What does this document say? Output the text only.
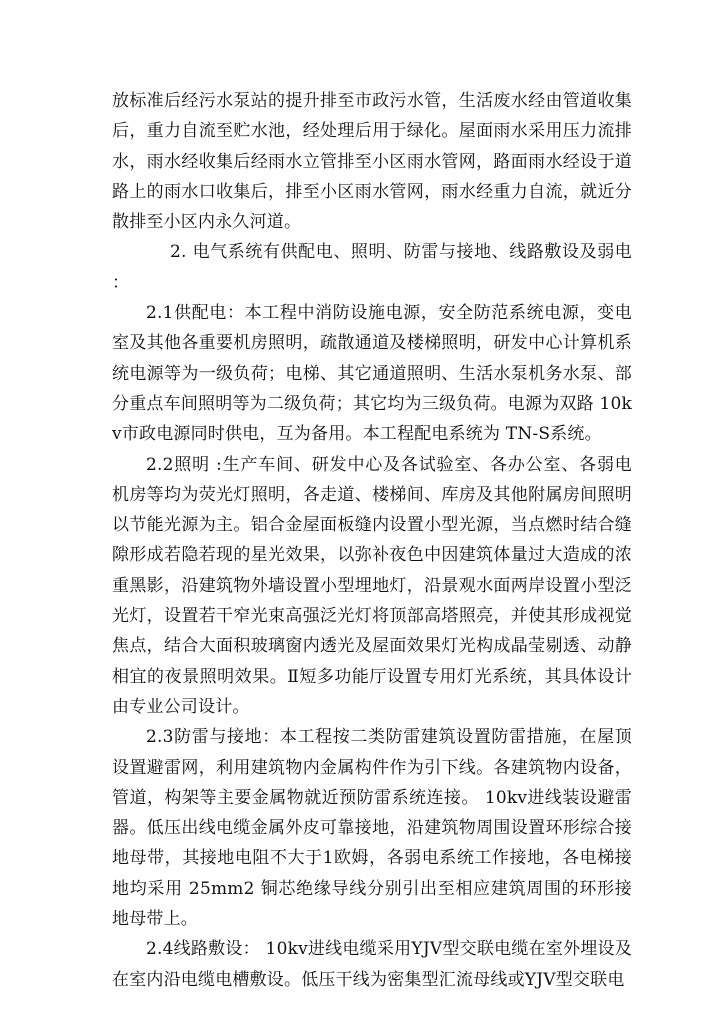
放标准后经污水泵站的提升排至市政污水管，生活废水经由管道收集后，重力自流至贮水池，经处理后用于绿化。屋面雨水采用压力流排水，雨水经收集后经雨水立管排至小区雨水管网，路面雨水经设于道路上的雨水口收集后，排至小区雨水管网，雨水经重力自流，就近分散排至小区内永久河道。

2. 电气系统有供配电、照明、防雷与接地、线路敷设及弱电 ：

2.1供配电：本工程中消防设施电源，安全防范系统电源，变电室及其他各重要机房照明，疏散通道及楼梯照明，研发中心计算机系统电源等为一级负荷；电梯、其它通道照明、生活水泵机务水泵、部分重点车间照明等为二级负荷；其它均为三级负荷。电源为双路 10kv市政电源同时供电，互为备用。本工程配电系统为 TN-S系统。

2.2照明 :生产车间、研发中心及各试验室、各办公室、各弱电机房等均为荧光灯照明，各走道、楼梯间、库房及其他附属房间照明以节能光源为主。铝合金屋面板缝内设置小型光源，当点燃时结合缝隙形成若隐若现的星光效果，以弥补夜色中因建筑体量过大造成的浓重黑影，沿建筑物外墙设置小型埋地灯，沿景观水面两岸设置小型泛光灯，设置若干窄光束高强泛光灯将顶部高塔照亮，并使其形成视觉焦点，结合大面积玻璃窗内透光及屋面效果灯光构成晶莹剔透、动静相宜的夜景照明效果。Ⅱ短多功能厅设置专用灯光系统，其具体设计由专业公司设计。

2.3防雷与接地：本工程按二类防雷建筑设置防雷措施，在屋顶设置避雷网，利用建筑物内金属构件作为引下线。各建筑物内设备，管道，构架等主要金属物就近预防雷系统连接。 10kv进线装设避雷器。低压出线电缆金属外皮可靠接地，沿建筑物周围设置环形综合接地母带，其接地电阻不大于1欧姆，各弱电系统工作接地，各电梯接地均采用 25mm2 铜芯绝缘导线分别引出至相应建筑周围的环形接地母带上。

2.4线路敷设： 10kv进线电缆采用YJV型交联电缆在室外埋设及在室内沿电缆电槽敷设。低压干线为密集型汇流母线或YJV型交联电
